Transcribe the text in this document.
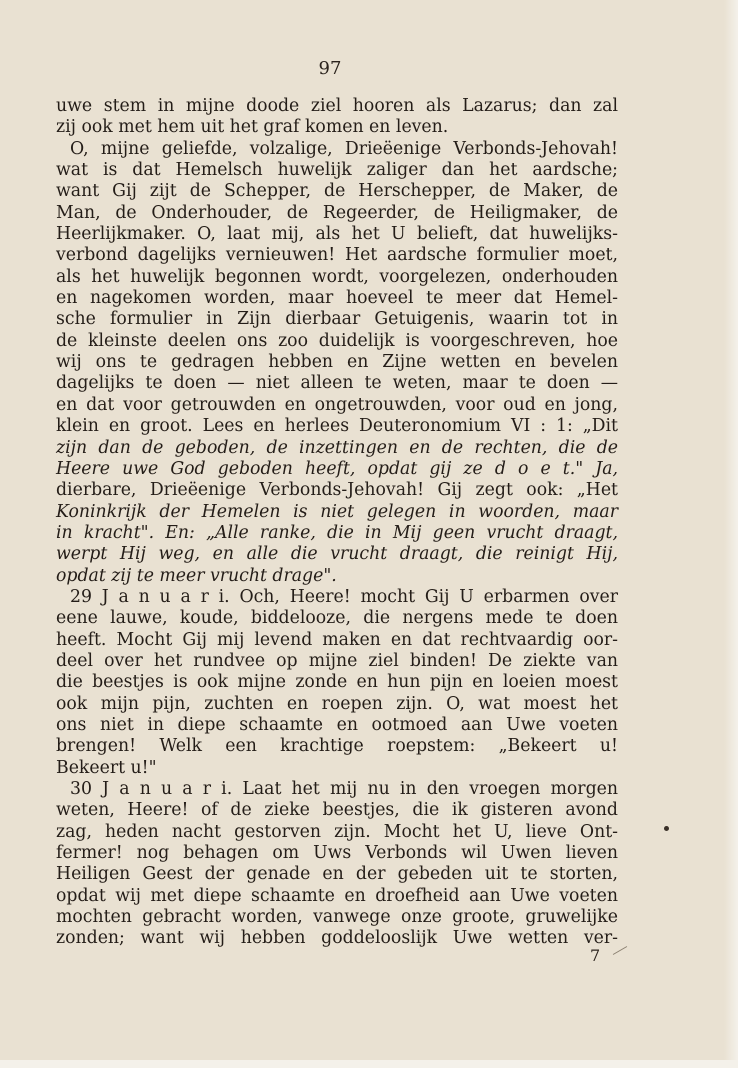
97
uwe stem in mijne doode ziel hooren als Lazarus; dan zal
zij ook met hem uit het graf komen en leven.
O, mijne geliefde, volzalige, Drieëenige Verbonds-Jehovah!
wat is dat Hemelsch huwelijk zaliger dan het aardsche;
want Gij zijt de Schepper, de Herschepper, de Maker, de
Man, de Onderhouder, de Regeerder, de Heiligmaker, de
Heerlijkmaker. O, laat mij, als het U belieft, dat huwelijks-
verbond dagelijks vernieuwen! Het aardsche formulier moet,
als het huwelijk begonnen wordt, voorgelezen, onderhouden
en nagekomen worden, maar hoeveel te meer dat Hemel-
sche formulier in Zijn dierbaar Getuigenis, waarin tot in
de kleinste deelen ons zoo duidelijk is voorgeschreven, hoe
wij ons te gedragen hebben en Zijne wetten en bevelen
dagelijks te doen — niet alleen te weten, maar te doen —
en dat voor getrouwden en ongetrouwden, voor oud en jong,
klein en groot. Lees en herlees Deuteronomium VI : 1: „Dit
zijn dan de geboden, de inzettingen en de rechten, die de
Heere uwe God geboden heeft, opdat gij ze d o e t." Ja,
dierbare, Drieëenige Verbonds-Jehovah! Gij zegt ook: „Het
Koninkrijk der Hemelen is niet gelegen in woorden, maar
in kracht". En: „Alle ranke, die in Mij geen vrucht draagt,
werpt Hij weg, en alle die vrucht draagt, die reinigt Hij,
opdat zij te meer vrucht drage".
29 J a n u a r i. Och, Heere! mocht Gij U erbarmen over
eene lauwe, koude, biddelooze, die nergens mede te doen
heeft. Mocht Gij mij levend maken en dat rechtvaardig oor-
deel over het rundvee op mijne ziel binden! De ziekte van
die beestjes is ook mijne zonde en hun pijn en loeien moest
ook mijn pijn, zuchten en roepen zijn. O, wat moest het
ons niet in diepe schaamte en ootmoed aan Uwe voeten
brengen! Welk een krachtige roepstem: „Bekeert u!
Bekeert u!"
30 J a n u a r i. Laat het mij nu in den vroegen morgen
weten, Heere! of de zieke beestjes, die ik gisteren avond
zag, heden nacht gestorven zijn. Mocht het U, lieve Ont-
fermer! nog behagen om Uws Verbonds wil Uwen lieven
Heiligen Geest der genade en der gebeden uit te storten,
opdat wij met diepe schaamte en droefheid aan Uwe voeten
mochten gebracht worden, vanwege onze groote, gruwelijke
zonden; want wij hebben goddelooslijk Uwe wetten ver-
7
